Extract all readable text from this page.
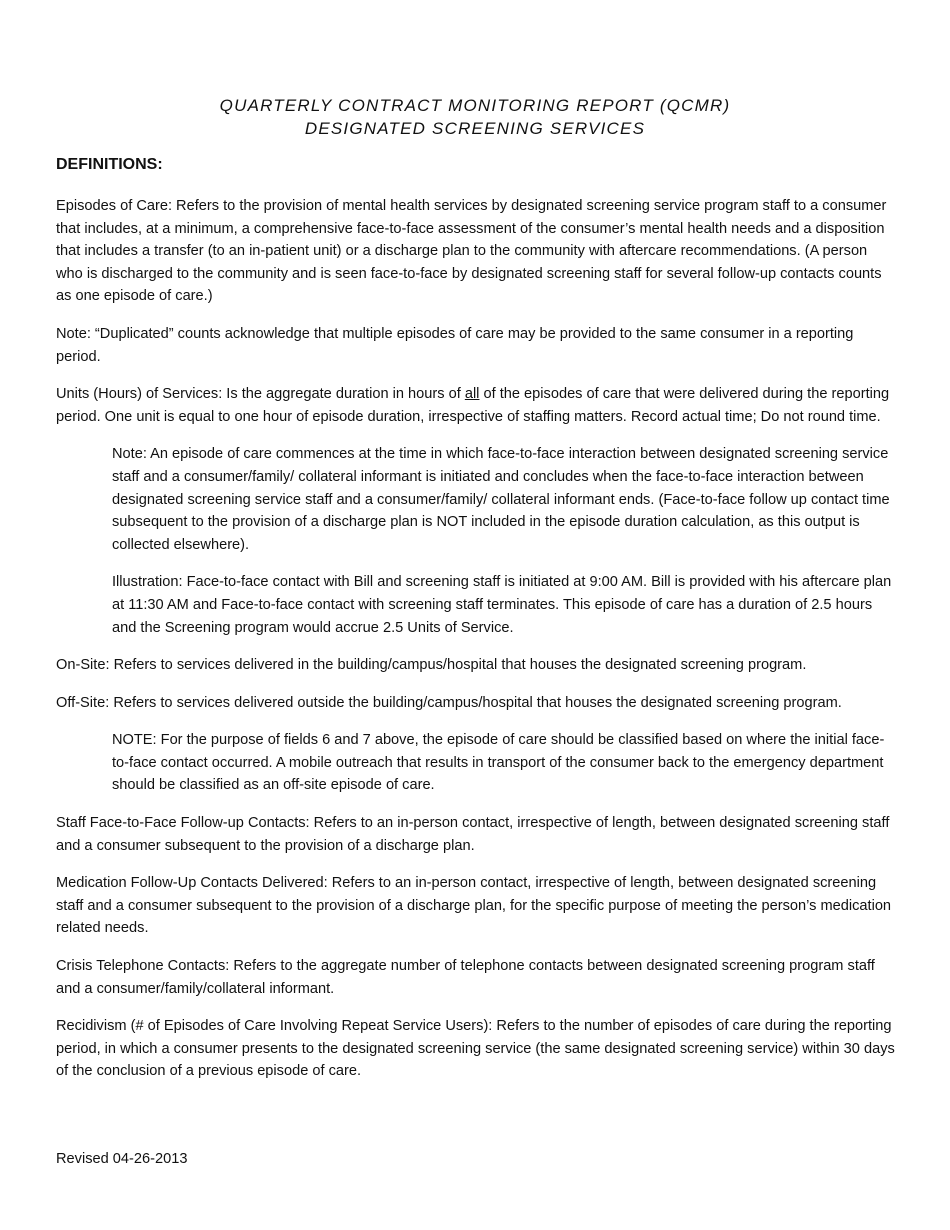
QUARTERLY CONTRACT MONITORING REPORT (QCMR)
DESIGNATED SCREENING SERVICES
DEFINITIONS:

Episodes of Care: Refers to the provision of mental health services by designated screening service program staff to a consumer that includes, at a minimum, a comprehensive face-to-face assessment of the consumer’s mental health needs and a disposition that includes a transfer (to an in-patient unit) or a discharge plan to the community with aftercare recommendations. (A person who is discharged to the community and is seen face-to-face by designated screening staff for several follow-up contacts counts as one episode of care.)

Note: “Duplicated” counts acknowledge that multiple episodes of care may be provided to the same consumer in a reporting period.

Units (Hours) of Services: Is the aggregate duration in hours of all of the episodes of care that were delivered during the reporting period. One unit is equal to one hour of episode duration, irrespective of staffing matters. Record actual time; Do not round time.

Note: An episode of care commences at the time in which face-to-face interaction between designated screening service staff and a consumer/family/ collateral informant is initiated and concludes when the face-to-face interaction between designated screening service staff and a consumer/family/ collateral informant ends. (Face-to-face follow up contact time subsequent to the provision of a discharge plan is NOT included in the episode duration calculation, as this output is collected elsewhere).

Illustration: Face-to-face contact with Bill and screening staff is initiated at 9:00 AM. Bill is provided with his aftercare plan at 11:30 AM and Face-to-face contact with screening staff terminates. This episode of care has a duration of 2.5 hours and the Screening program would accrue 2.5 Units of Service.

On-Site: Refers to services delivered in the building/campus/hospital that houses the designated screening program.

Off-Site: Refers to services delivered outside the building/campus/hospital that houses the designated screening program.

NOTE: For the purpose of fields 6 and 7 above, the episode of care should be classified based on where the initial face-to-face contact occurred. A mobile outreach that results in transport of the consumer back to the emergency department should be classified as an off-site episode of care.

Staff Face-to-Face Follow-up Contacts: Refers to an in-person contact, irrespective of length, between designated screening staff and a consumer subsequent to the provision of a discharge plan.

Medication Follow-Up Contacts Delivered: Refers to an in-person contact, irrespective of length, between designated screening staff and a consumer subsequent to the provision of a discharge plan, for the specific purpose of meeting the person’s medication related needs.

Crisis Telephone Contacts: Refers to the aggregate number of telephone contacts between designated screening program staff and a consumer/family/collateral informant.

Recidivism (# of Episodes of Care Involving Repeat Service Users): Refers to the number of episodes of care during the reporting period, in which a consumer presents to the designated screening service (the same designated screening service) within 30 days of the conclusion of a previous episode of care.

Revised 04-26-2013
